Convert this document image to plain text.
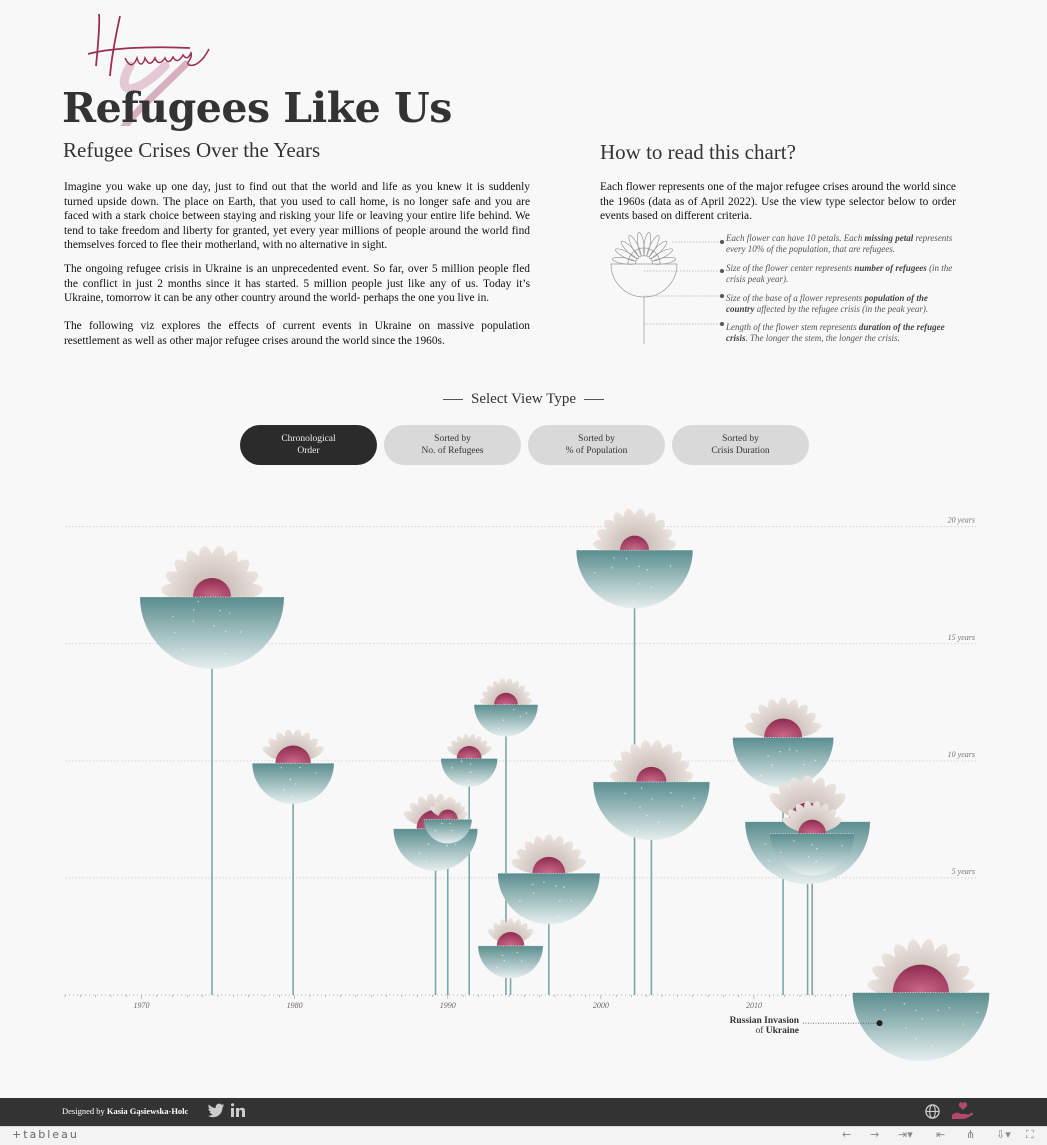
Refugees Like Us
Refugee Crises Over the Years
Imagine you wake up one day, just to find out that the world and life as you knew it is suddenly turned upside down. The place on Earth, that you used to call home, is no longer safe and you are faced with a stark choice between staying and risking your life or leaving your entire life behind. We tend to take freedom and liberty for granted, yet every year millions of people around the world find themselves forced to flee their motherland, with no alternative in sight.
The ongoing refugee crisis in Ukraine is an unprecedented event. So far, over 5 million people fled the conflict in just 2 months since it has started. 5 million people just like any of us. Today it’s Ukraine, tomorrow it can be any other country around the world- perhaps the one you live in.
The following viz explores the effects of current events in Ukraine on massive population resettlement as well as other major refugee crises around the world since the 1960s.
How to read this chart?
Each flower represents one of the major refugee crises around the world since the 1960s (data as of April 2022). Use the view type selector below to order events based on different criteria.
Each flower can have 10 petals. Each missing petal represents every 10% of the population, that are refugees.
Size of the flower center represents number of refugees (in the crisis peak year).
Size of the base of a flower represents population of the country affected by the refugee crisis (in the peak year).
Length of the flower stem represents duration of the refugee crisis. The longer the stem, the longer the crisis.
Select View Type
Chronological
Order
Sorted by
No. of Refugees
Sorted by
% of Population
Sorted by
Crisis Duration
5 years
10 years
15 years
20 years
1970	1980	1990	2000	2010
Russian Invasion
of Ukraine
Designed by Kasia Gąsiewska-Holc
+tableau	← → ⇥▾ ⇤ ⋔ ⇩▾ ⛶
